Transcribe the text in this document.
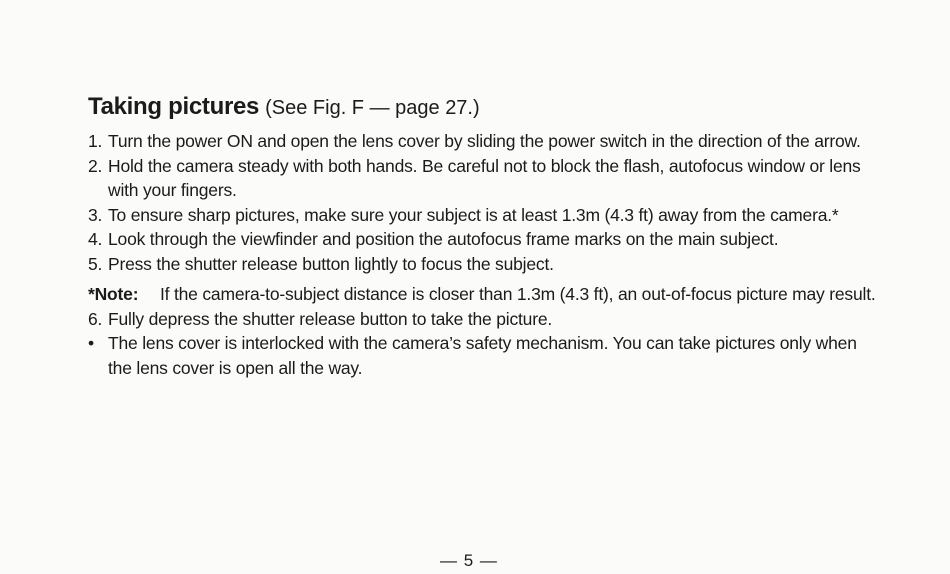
Taking pictures (See Fig. F — page 27.)
1. Turn the power ON and open the lens cover by sliding the power switch in the direction of the arrow.
2. Hold the camera steady with both hands. Be careful not to block the flash, autofocus window or lens with your fingers.
3. To ensure sharp pictures, make sure your subject is at least 1.3m (4.3 ft) away from the camera.*
4. Look through the viewfinder and position the autofocus frame marks on the main subject.
5. Press the shutter release button lightly to focus the subject.
*Note: If the camera-to-subject distance is closer than 1.3m (4.3 ft), an out-of-focus picture may result.
6. Fully depress the shutter release button to take the picture.
• The lens cover is interlocked with the camera’s safety mechanism. You can take pictures only when the lens cover is open all the way.
— 5 —
